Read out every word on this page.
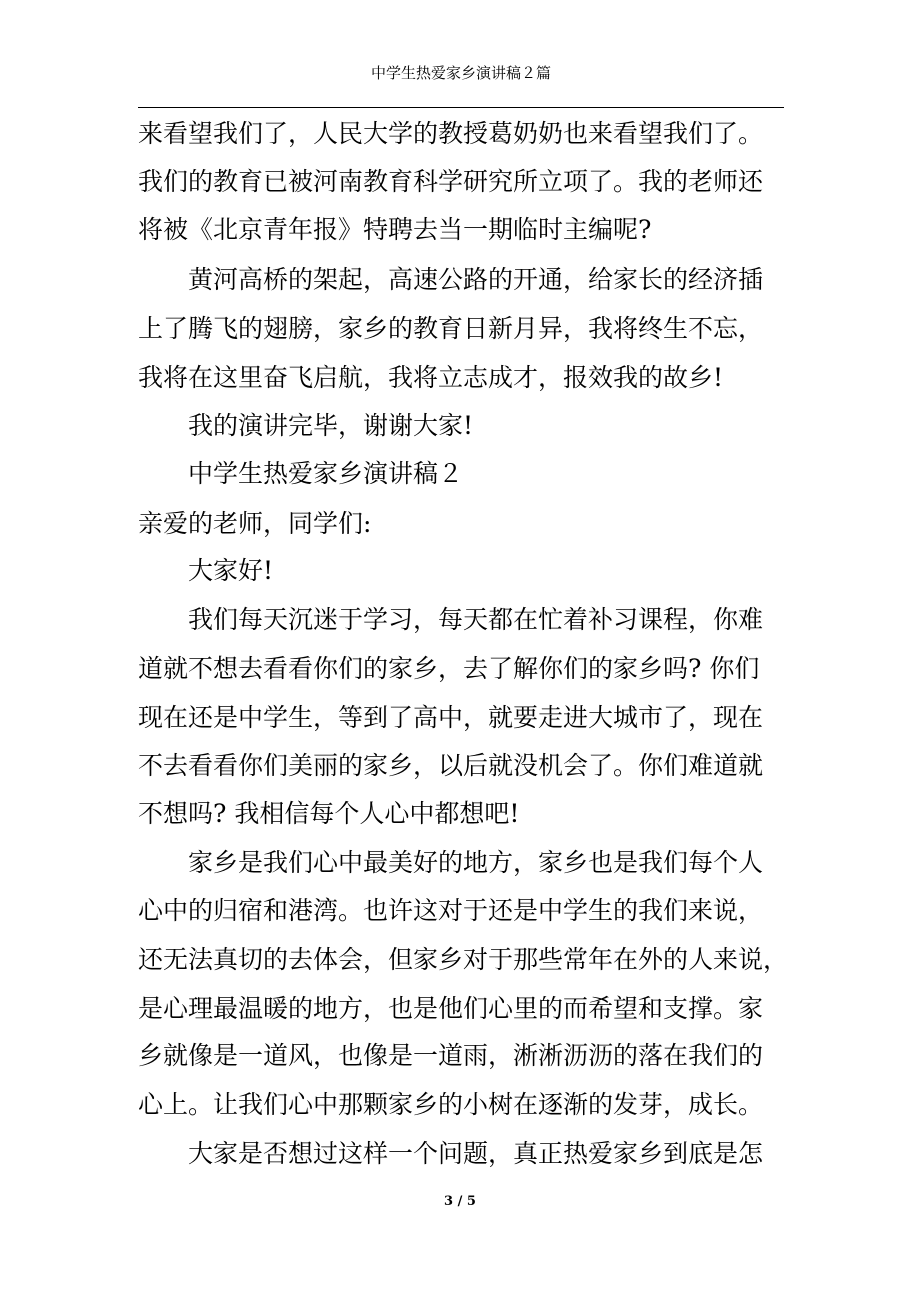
中学生热爱家乡演讲稿２篇
来看望我们了，人民大学的教授葛奶奶也来看望我们了。
我们的教育已被河南教育科学研究所立项了。我的老师还
将被《北京青年报》特聘去当一期临时主编呢?
黄河高桥的架起，高速公路的开通，给家长的经济插
上了腾飞的翅膀，家乡的教育日新月异，我将终生不忘，
我将在这里奋飞启航，我将立志成才，报效我的故乡!
我的演讲完毕，谢谢大家!
中学生热爱家乡演讲稿２
亲爱的老师，同学们:
大家好!
我们每天沉迷于学习，每天都在忙着补习课程，你难
道就不想去看看你们的家乡，去了解你们的家乡吗? 你们
现在还是中学生，等到了高中，就要走进大城市了，现在
不去看看你们美丽的家乡，以后就没机会了。你们难道就
不想吗? 我相信每个人心中都想吧!
家乡是我们心中最美好的地方，家乡也是我们每个人
心中的归宿和港湾。也许这对于还是中学生的我们来说，
还无法真切的去体会，但家乡对于那些常年在外的人来说，
是心理最温暖的地方，也是他们心里的而希望和支撑。家
乡就像是一道风，也像是一道雨，淅淅沥沥的落在我们的
心上。让我们心中那颗家乡的小树在逐渐的发芽，成长。
大家是否想过这样一个问题，真正热爱家乡到底是怎
3 / 5
